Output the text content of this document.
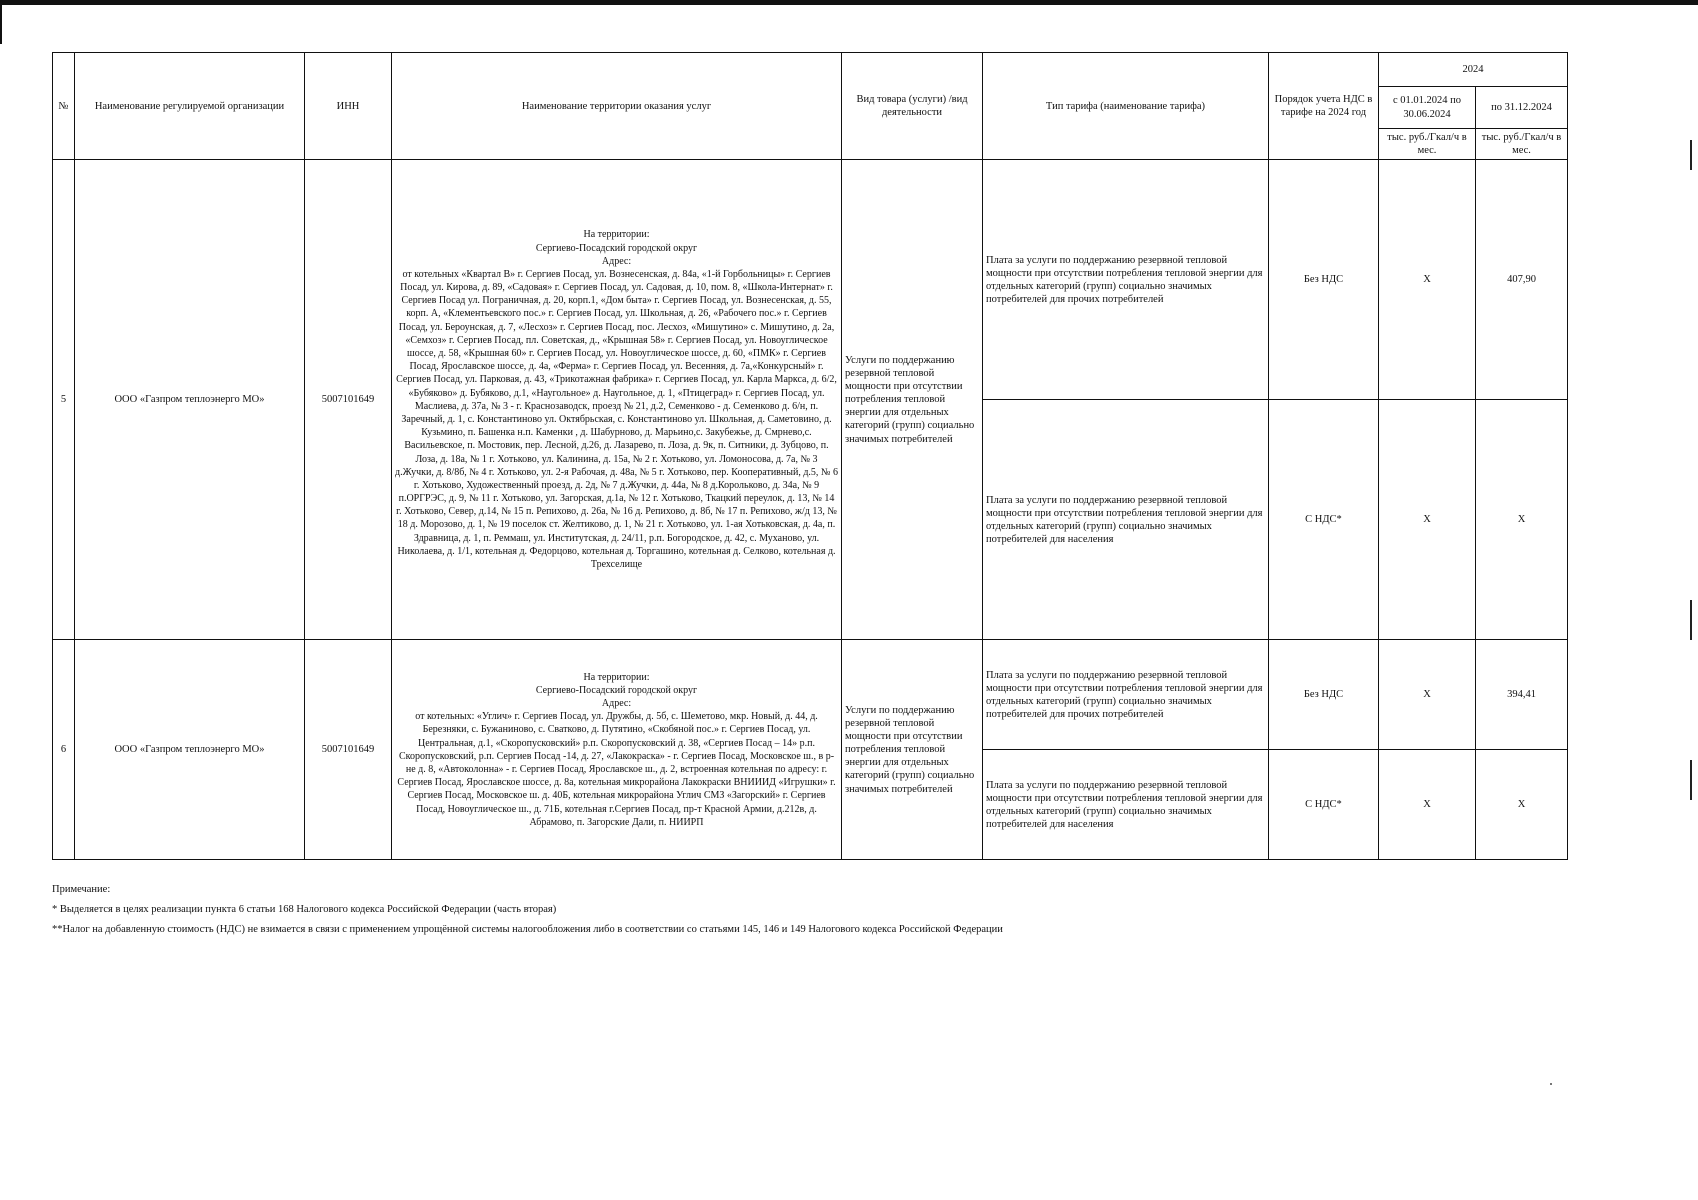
№	Наименование регулируемой организации	ИНН	Наименование территории оказания услуг	Вид товара (услуги) /вид деятельности	Тип тарифа (наименование тарифа)	Порядок учета НДС в тарифе на 2024 год	2024	
							с 01.01.2024 по 30.06.2024	по 31.12.2024
							тыс. руб./Гкал/ч в мес.	тыс. руб./Гкал/ч в мес.
5	ООО «Газпром теплоэнерго МО»	5007101649	На территории:
Сергиево-Посадский городской округ
Адрес:
от котельных «Квартал В» г. Сергиев Посад, ул. Вознесенская, д. 84а, «1-й Горбольницы» г. Сергиев Посад, ул. Кирова, д. 89, «Садовая» г. Сергиев Посад, ул. Садовая, д. 10, пом. 8, «Школа-Интернат» г. Сергиев Посад ул. Пограничная, д. 20, корп.1, «Дом быта» г. Сергиев Посад, ул. Вознесенская, д. 55, корп. А, «Клементьевского пос.» г. Сергиев Посад, ул. Школьная, д. 26, «Рабочего пос.» г. Сергиев Посад, ул. Бероунская, д. 7, «Лесхоз» г. Сергиев Посад, пос. Лесхоз, «Мишутино» с. Мишутино, д. 2а, «Семхоз» г. Сергиев Посад, пл. Советская, д., «Крышная 58» г. Сергиев Посад, ул. Новоуглическое шоссе, д. 58, «Крышная 60» г. Сергиев Посад, ул. Новоуглическое шоссе, д. 60, «ПМК» г. Сергиев Посад, Ярославское шоссе, д. 4а, «Ферма» г. Сергиев Посад, ул. Весенняя, д. 7а,«Конкурсный» г. Сергиев Посад, ул. Парковая, д. 43, «Трикотажная фабрика» г. Сергиев Посад, ул. Карла Маркса, д. 6/2, «Бубяково» д. Бубяково, д.1, «Наугольное» д. Наугольное, д. 1, «Птицеград» г. Сергиев Посад, ул. Маслиева, д. 37а, № 3 - г. Краснозаводск, проезд № 21, д.2, Семенково - д. Семенково д. 6/н, п. Заречный, д. 1, с. Константиново ул. Октябрьская, с. Константиново ул. Школьная, д. Саметовино, д. Кузьмино, п. Башенка н.п. Каменки , д. Шабурново, д. Марьино,с. Закубежье, д. Смрнево,с. Васильевское, п. Мостовик, пер. Лесной, д.26, д. Лазарево, п. Лоза, д. 9к, п. Ситники, д. Зубцово, п. Лоза, д. 18а, № 1 г. Хотьково, ул. Калинина, д. 15а, № 2 г. Хотьково, ул. Ломоносова, д. 7а, № 3 д.Жучки, д. 8/8б, № 4 г. Хотьково, ул. 2-я Рабочая, д. 48а, № 5 г. Хотьково, пер. Кооперативный, д.5, № 6 г. Хотьково, Художественный проезд, д. 2д, № 7 д.Жучки, д. 44а, № 8 д.Корольково, д. 34а, № 9 п.ОРГРЭС, д. 9, № 11 г. Хотьково, ул. Загорская, д.1а, № 12 г. Хотьково, Ткацкий переулок, д. 13, № 14 г. Хотьково, Север, д.14, № 15 п. Репихово, д. 26а, № 16 д. Репихово, д. 8б, № 17 п. Репихово, ж/д 13, № 18 д. Морозово, д. 1, № 19 поселок ст. Желтиково, д. 1, № 21 г. Хотьково, ул. 1-ая Хотьковская, д. 4а, п. Здравница, д. 1, п. Реммаш, ул. Институтская, д. 24/11, р.п. Богородское, д. 42, с. Муханово, ул. Николаева, д. 1/1, котельная д. Федорцово, котельная д. Торгашино, котельная д. Селково, котельная д. Трехселище	Услуги по поддержанию резервной тепловой мощности при отсутствии потребления тепловой энергии для отдельных категорий (групп) социально значимых потребителей	Плата за услуги по поддержанию резервной тепловой мощности при отсутствии потребления тепловой энергии для отдельных категорий (групп) социально значимых потребителей для прочих потребителей	Без НДС	Х	407,90
					Плата за услуги по поддержанию резервной тепловой мощности при отсутствии потребления тепловой энергии для отдельных категорий (групп) социально значимых потребителей для населения	С НДС*	Х	Х
6	ООО «Газпром теплоэнерго МО»	5007101649	На территории:
Сергиево-Посадский городской округ
Адрес:
от котельных: «Углич» г. Сергиев Посад, ул. Дружбы, д. 5б, с. Шеметово, мкр. Новый, д. 44, д. Березняки, с. Бужаниново, с. Сватково, д. Путятино, «Скобяной пос.» г. Сергиев Посад, ул. Центральная, д.1, «Скоропусковский» р.п. Скоропусковский д. 38, «Сергиев Посад – 14» р.п. Скоропусковский, р.п. Сергиев Посад -14, д. 27, «Лакокраска» - г. Сергиев Посад, Московское ш., в р-не д. 8, «Автоколонна» - г. Сергиев Посад, Ярославское ш., д. 2, встроенная котельная по адресу: г. Сергиев Посад, Ярославское шоссе, д. 8а, котельная микрорайона Лакокраски ВНИИИД «Игрушки» г. Сергиев Посад, Московское ш. д. 40Б, котельная микрорайона Углич СМЗ «Загорский» г. Сергиев Посад, Новоуглическое ш., д. 71Б, котельная г.Сергиев Посад, пр-т Красной Армии, д.212в, д. Абрамово, п. Загорские Дали, п. НИИРП	Услуги по поддержанию резервной тепловой мощности при отсутствии потребления тепловой энергии для отдельных категорий (групп) социально значимых потребителей	Плата за услуги по поддержанию резервной тепловой мощности при отсутствии потребления тепловой энергии для отдельных категорий (групп) социально значимых потребителей для прочих потребителей	Без НДС	Х	394,41
					Плата за услуги по поддержанию резервной тепловой мощности при отсутствии потребления тепловой энергии для отдельных категорий (групп) социально значимых потребителей для населения	С НДС*	Х	Х
Примечание:
* Выделяется в целях реализации пункта 6 статьи 168 Налогового кодекса Российской Федерации (часть вторая)
**Налог на добавленную стоимость (НДС) не взимается в связи с применением упрощённой системы налогообложения либо в соответствии со статьями 145, 146 и 149 Налогового кодекса Российской Федерации
